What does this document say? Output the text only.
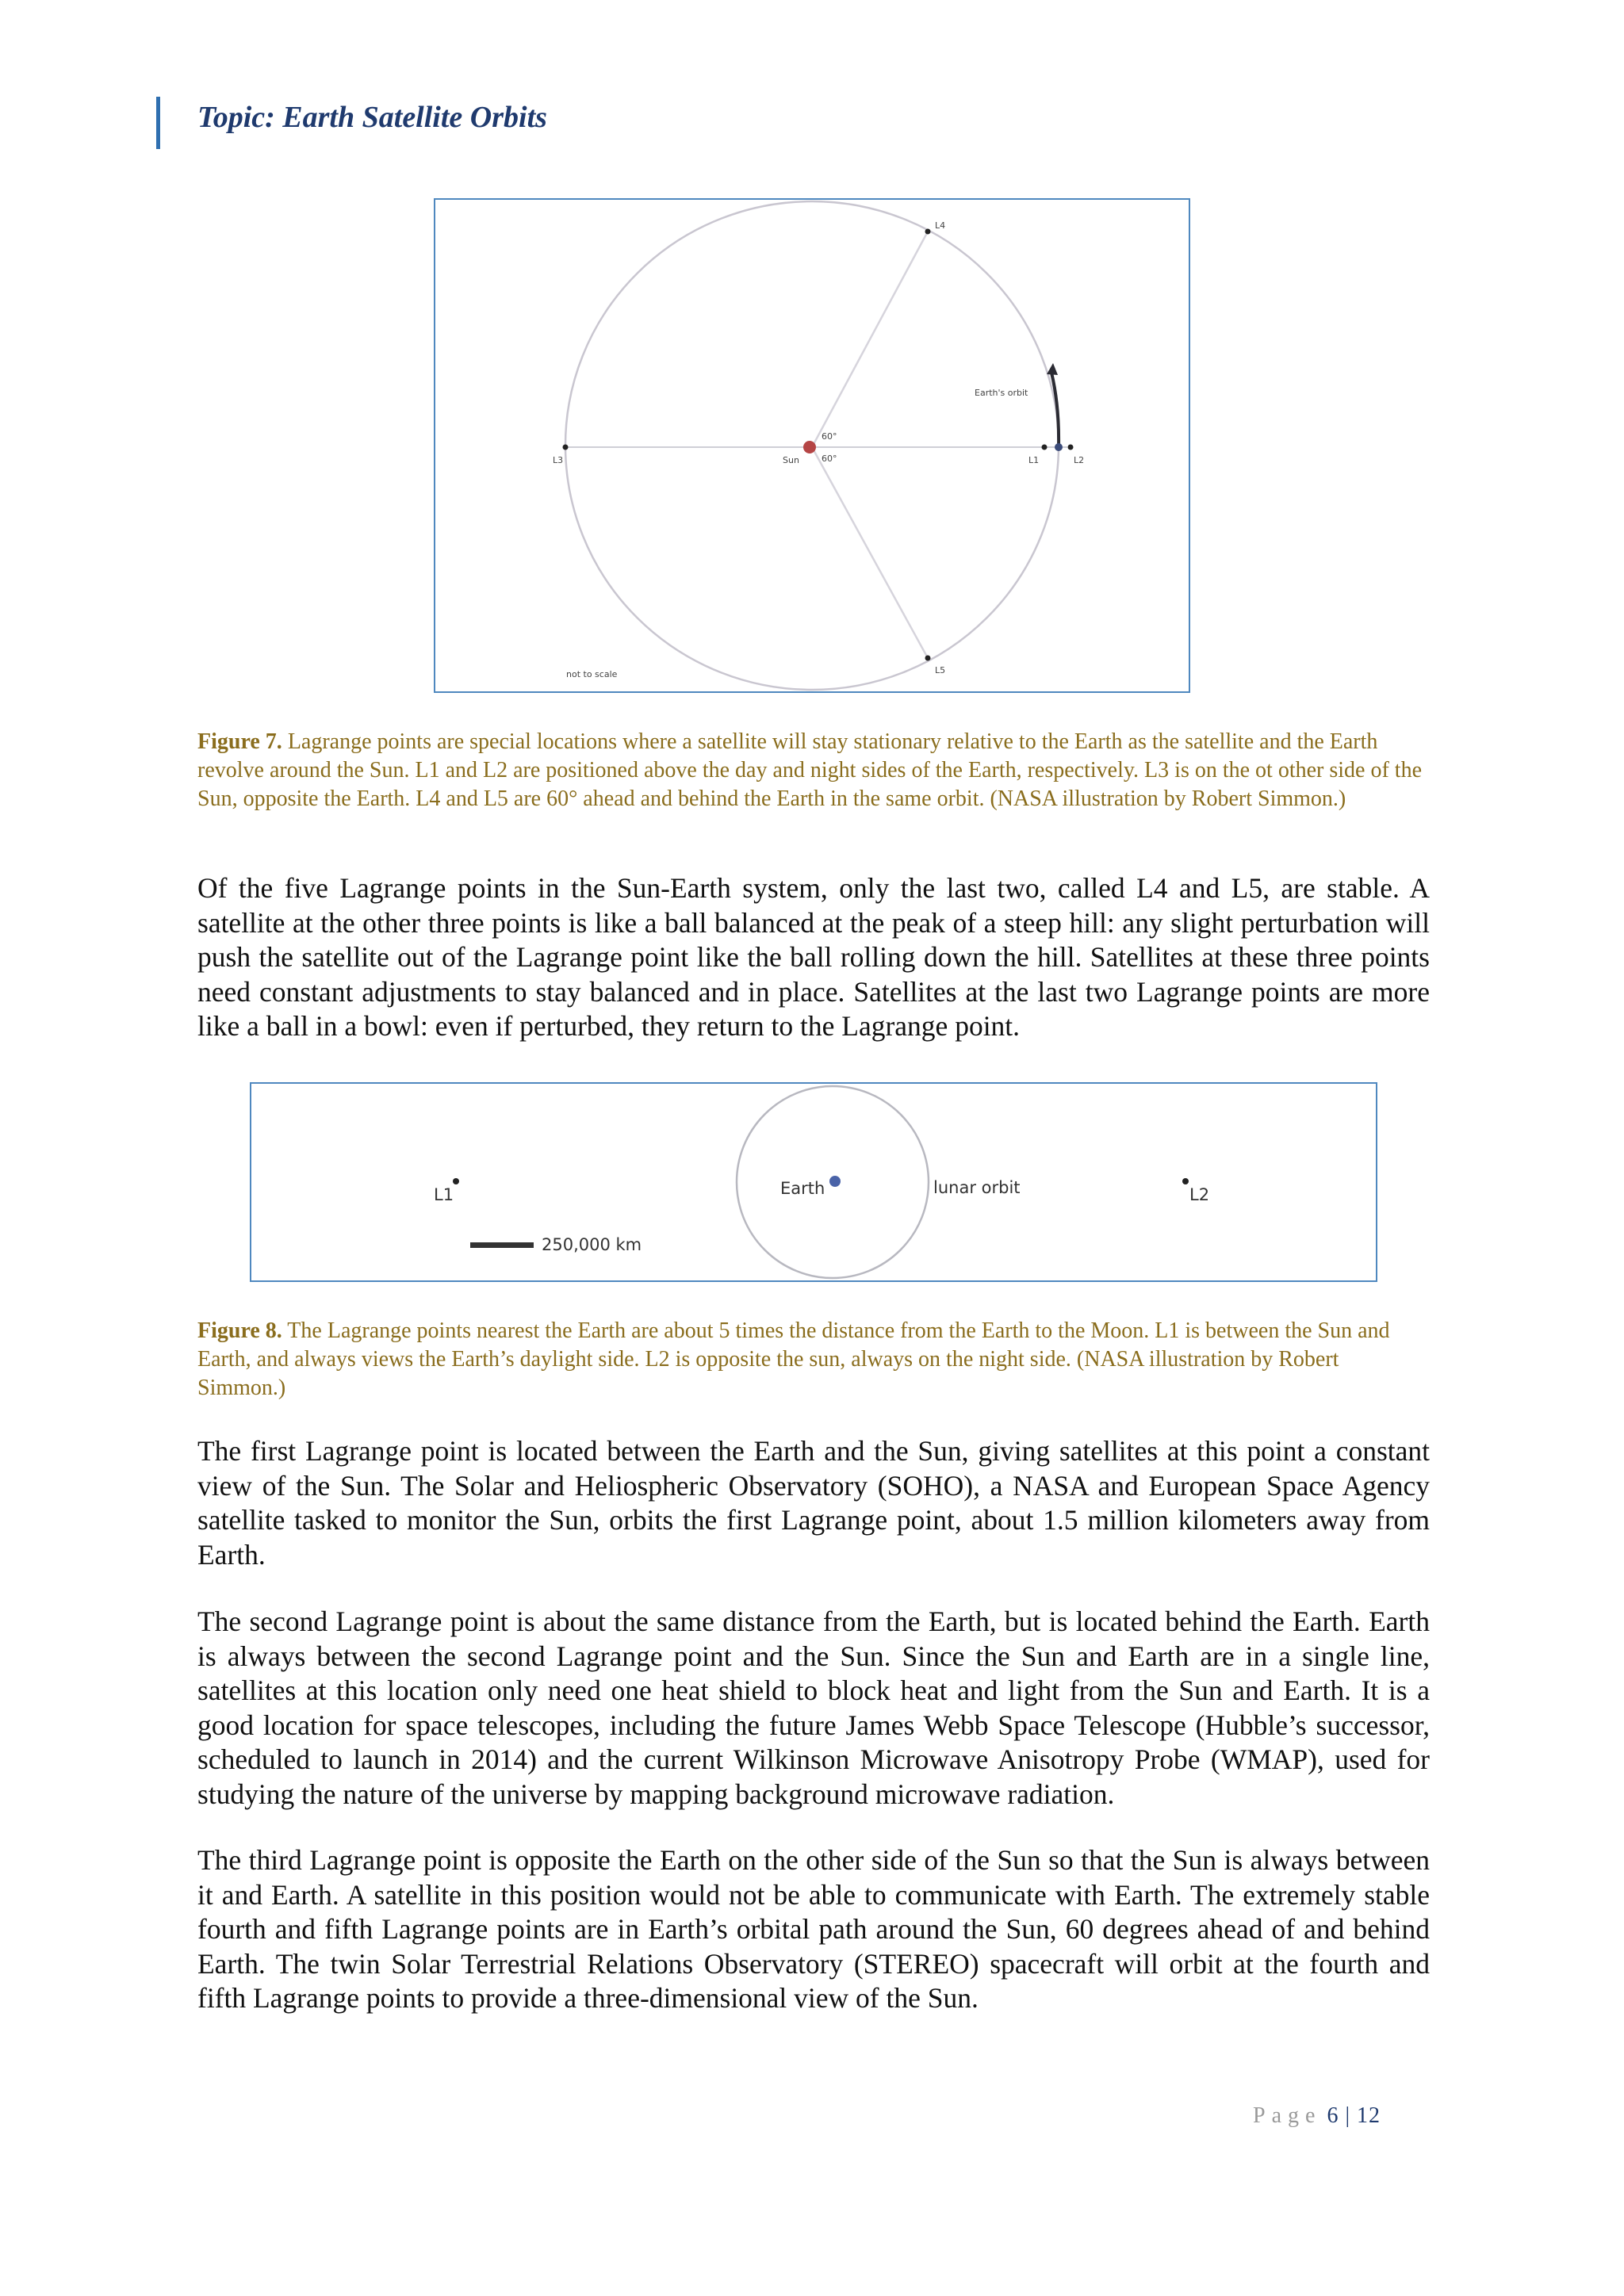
Topic: Earth Satellite Orbits
L3	Sun
60°
60°	L1	L2
L4
L5
Earth's orbit
not to scale
Figure 7. Lagrange points are special locations where a satellite will stay stationary relative to the Earth as the satellite and the Earth revolve around the Sun. L1 and L2 are positioned above the day and night sides of the Earth, respectively. L3 is on the ot other side of the Sun, opposite the Earth. L4 and L5 are 60° ahead and behind the Earth in the same orbit. (NASA illustration by Robert Simmon.)

Of the five Lagrange points in the Sun-Earth system, only the last two, called L4 and L5, are stable. A satellite at the other three points is like a ball balanced at the peak of a steep hill: any slight perturbation will push the satellite out of the Lagrange point like the ball rolling down the hill. Satellites at these three points need constant adjustments to stay balanced and in place. Satellites at the last two Lagrange points are more like a ball in a bowl: even if perturbed, they return to the Lagrange point.

L1	L2
Earth	lunar orbit
250,000 km
Figure 8. The Lagrange points nearest the Earth are about 5 times the distance from the Earth to the Moon. L1 is between the Sun and Earth, and always views the Earth’s daylight side. L2 is opposite the sun, always on the night side. (NASA illustration by Robert Simmon.)

The first Lagrange point is located between the Earth and the Sun, giving satellites at this point a constant view of the Sun. The Solar and Heliospheric Observatory (SOHO), a NASA and European Space Agency satellite tasked to monitor the Sun, orbits the first Lagrange point, about 1.5 million kilometers away from Earth.

The second Lagrange point is about the same distance from the Earth, but is located behind the Earth. Earth is always between the second Lagrange point and the Sun. Since the Sun and Earth are in a single line, satellites at this location only need one heat shield to block heat and light from the Sun and Earth. It is a good location for space telescopes, including the future James Webb Space Telescope (Hubble’s successor, scheduled to launch in 2014) and the current Wilkinson Microwave Anisotropy Probe (WMAP), used for studying the nature of the universe by mapping background microwave radiation.

The third Lagrange point is opposite the Earth on the other side of the Sun so that the Sun is always between it and Earth. A satellite in this position would not be able to communicate with Earth. The extremely stable fourth and fifth Lagrange points are in Earth’s orbital path around the Sun, 60 degrees ahead of and behind Earth. The twin Solar Terrestrial Relations Observatory (STEREO) spacecraft will orbit at the fourth and fifth Lagrange points to provide a three-dimensional view of the Sun.

Page 6 | 12
